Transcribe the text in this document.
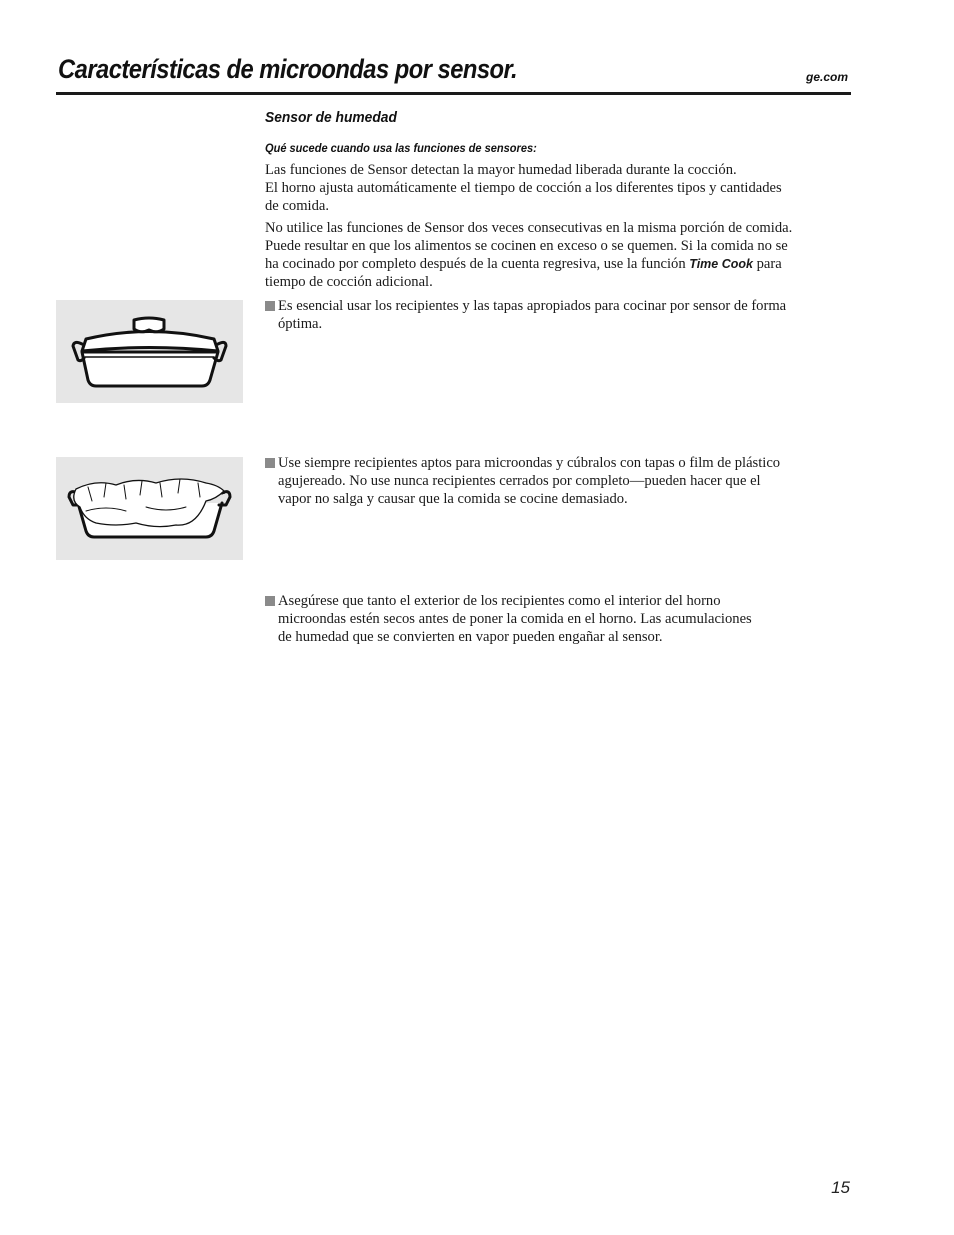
Características de microondas por sensor.	ge.com
Sensor de humedad
Qué sucede cuando usa las funciones de sensores:
Las funciones de Sensor detectan la mayor humedad liberada durante la cocción.
El horno ajusta automáticamente el tiempo de cocción a los diferentes tipos y cantidades
de comida.
No utilice las funciones de Sensor dos veces consecutivas en la misma porción de comida.
Puede resultar en que los alimentos se cocinen en exceso o se quemen. Si la comida no se
ha cocinado por completo después de la cuenta regresiva, use la función Time Cook para
tiempo de cocción adicional.
Es esencial usar los recipientes y las tapas apropiados para cocinar por sensor de forma
óptima.
Use siempre recipientes aptos para microondas y cúbralos con tapas o film de plástico
agujereado. No use nunca recipientes cerrados por completo—pueden hacer que el
vapor no salga y causar que la comida se cocine demasiado.
Asegúrese que tanto el exterior de los recipientes como el interior del horno
microondas estén secos antes de poner la comida en el horno. Las acumulaciones
de humedad que se convierten en vapor pueden engañar al sensor.
15
